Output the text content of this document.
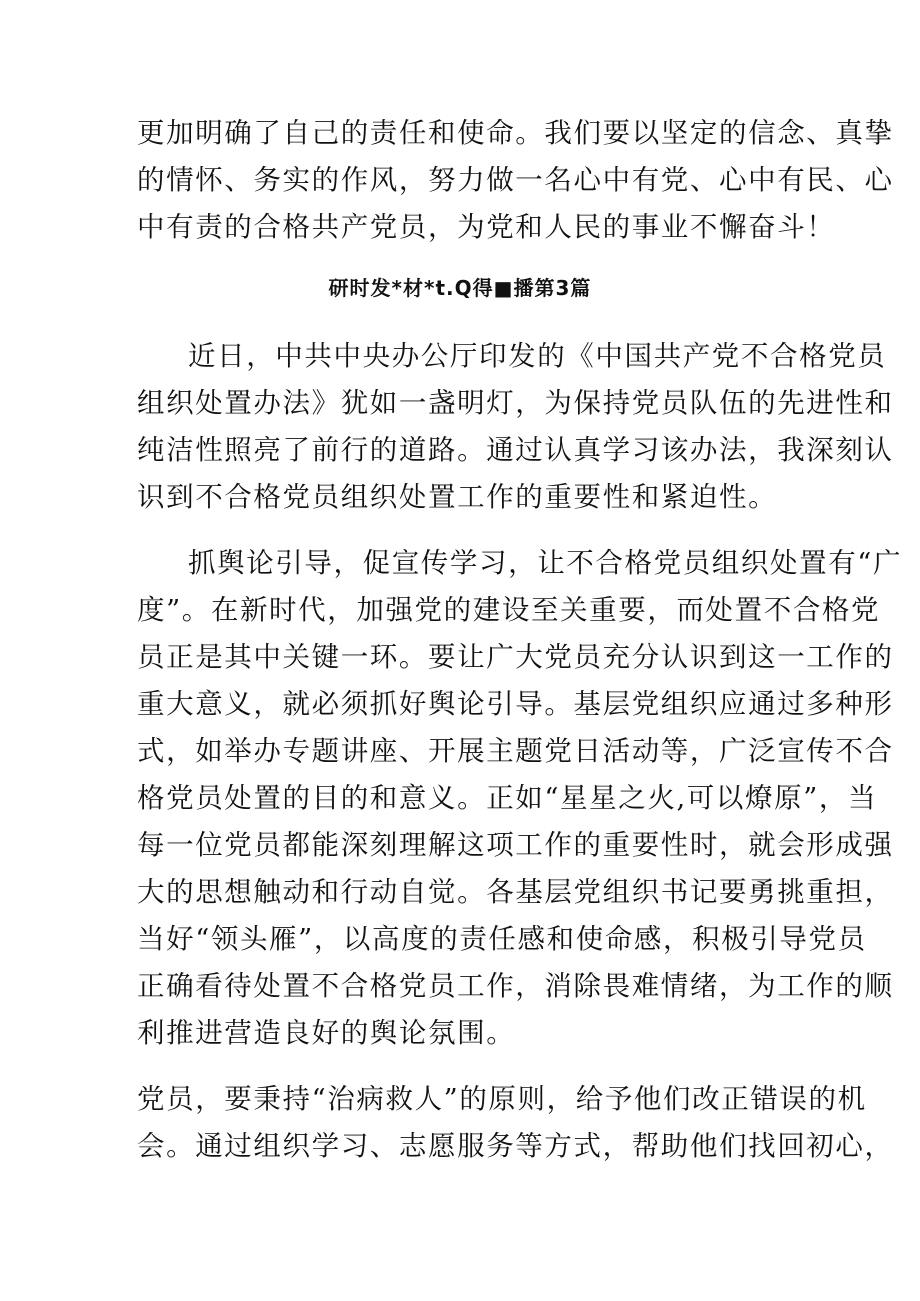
更加明确了自己的责任和使命。我们要以坚定的信念、真挚
的情怀、务实的作风，努力做一名心中有党、心中有民、心
中有责的合格共产党员，为党和人民的事业不懈奋斗！
研时发*材*t.Q得■播第3篇
近日，中共中央办公厅印发的《中国共产党不合格党员
组织处置办法》犹如一盏明灯，为保持党员队伍的先进性和
纯洁性照亮了前行的道路。通过认真学习该办法，我深刻认
识到不合格党员组织处置工作的重要性和紧迫性。
抓舆论引导，促宣传学习，让不合格党员组织处置有“广
度”。在新时代，加强党的建设至关重要，而处置不合格党
员正是其中关键一环。要让广大党员充分认识到这一工作的
重大意义，就必须抓好舆论引导。基层党组织应通过多种形
式，如举办专题讲座、开展主题党日活动等，广泛宣传不合
格党员处置的目的和意义。正如“星星之火,可以燎原”，当
每一位党员都能深刻理解这项工作的重要性时，就会形成强
大的思想触动和行动自觉。各基层党组织书记要勇挑重担，
当好“领头雁”，以高度的责任感和使命感，积极引导党员
正确看待处置不合格党员工作，消除畏难情绪，为工作的顺
利推进营造良好的舆论氛围。
党员，要秉持“治病救人”的原则，给予他们改正错误的机
会。通过组织学习、志愿服务等方式，帮助他们找回初心，
